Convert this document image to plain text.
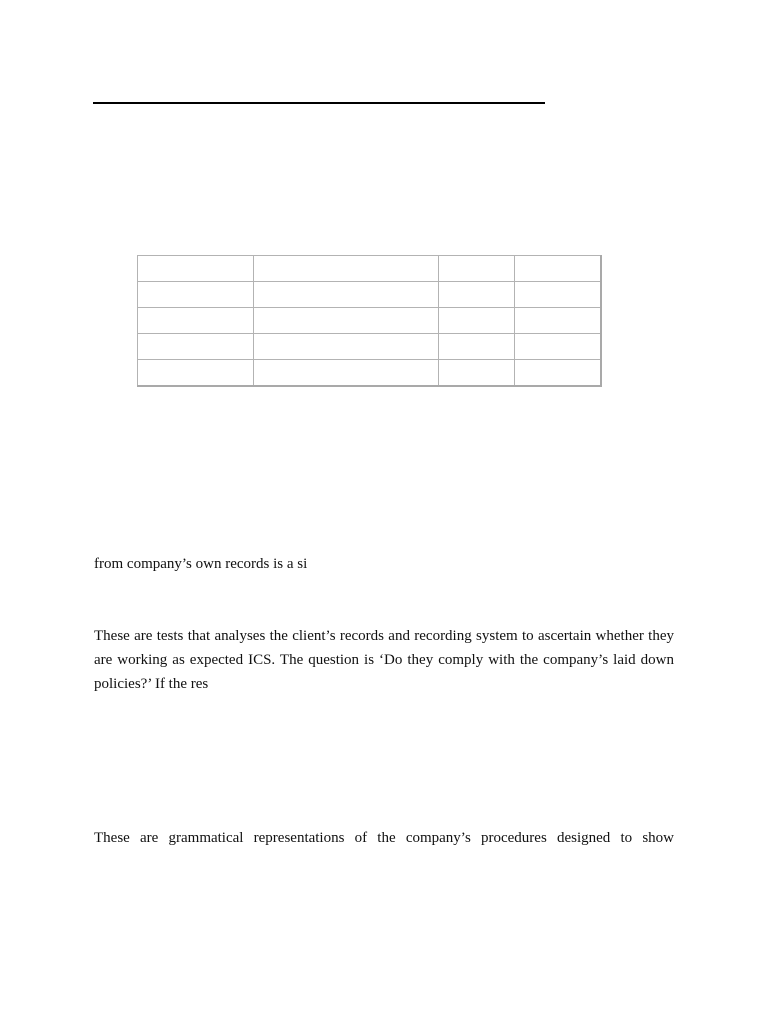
from company’s own records is a si

These are tests that analyses the client’s records and recording system to ascertain whether they
are working as expected ICS. The question is ‘Do they comply with the company’s laid down
policies?’ If the res

These are grammatical representations of the company’s procedures designed to show
